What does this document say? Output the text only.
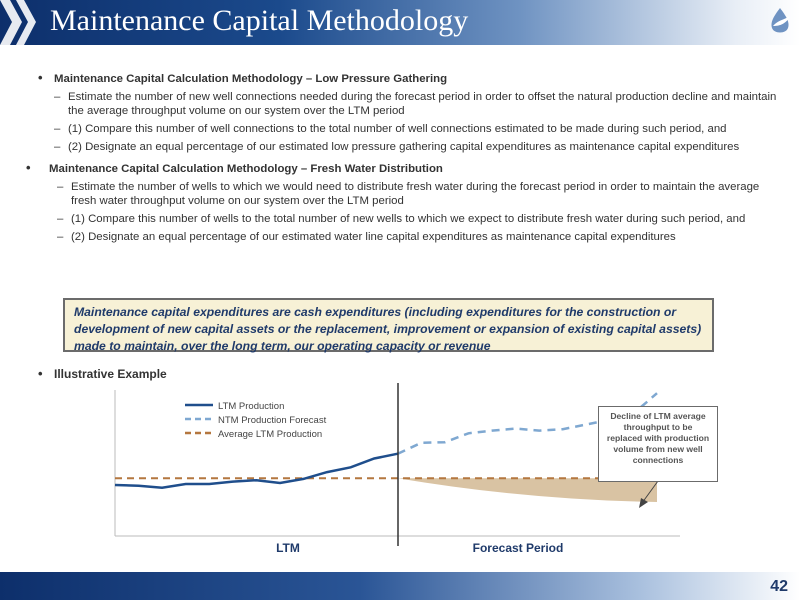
Maintenance Capital Methodology
• Maintenance Capital Calculation Methodology – Low Pressure Gathering
– Estimate the number of new well connections needed during the forecast period in order to offset the natural production decline and maintain the average throughput volume on our system over the LTM period
– (1) Compare this number of well connections to the total number of well connections estimated to be made during such period, and
– (2) Designate an equal percentage of our estimated low pressure gathering capital expenditures as maintenance capital expenditures
• Maintenance Capital Calculation Methodology – Fresh Water Distribution
– Estimate the number of wells to which we would need to distribute fresh water during the forecast period in order to maintain the average fresh water throughput volume on our system over the LTM period
– (1) Compare this number of wells to the total number of new wells to which we expect to distribute fresh water during such period, and
– (2) Designate an equal percentage of our estimated water line capital expenditures as maintenance capital expenditures
Maintenance capital expenditures are cash expenditures (including expenditures for the construction or development of new capital assets or the replacement, improvement or expansion of existing capital assets) made to maintain, over the long term, our operating capacity or revenue
• Illustrative Example
LTM Production
NTM Production Forecast
Average LTM Production
LTM	Forecast Period
Decline of LTM average throughput to be replaced with production volume from new well connections
42
